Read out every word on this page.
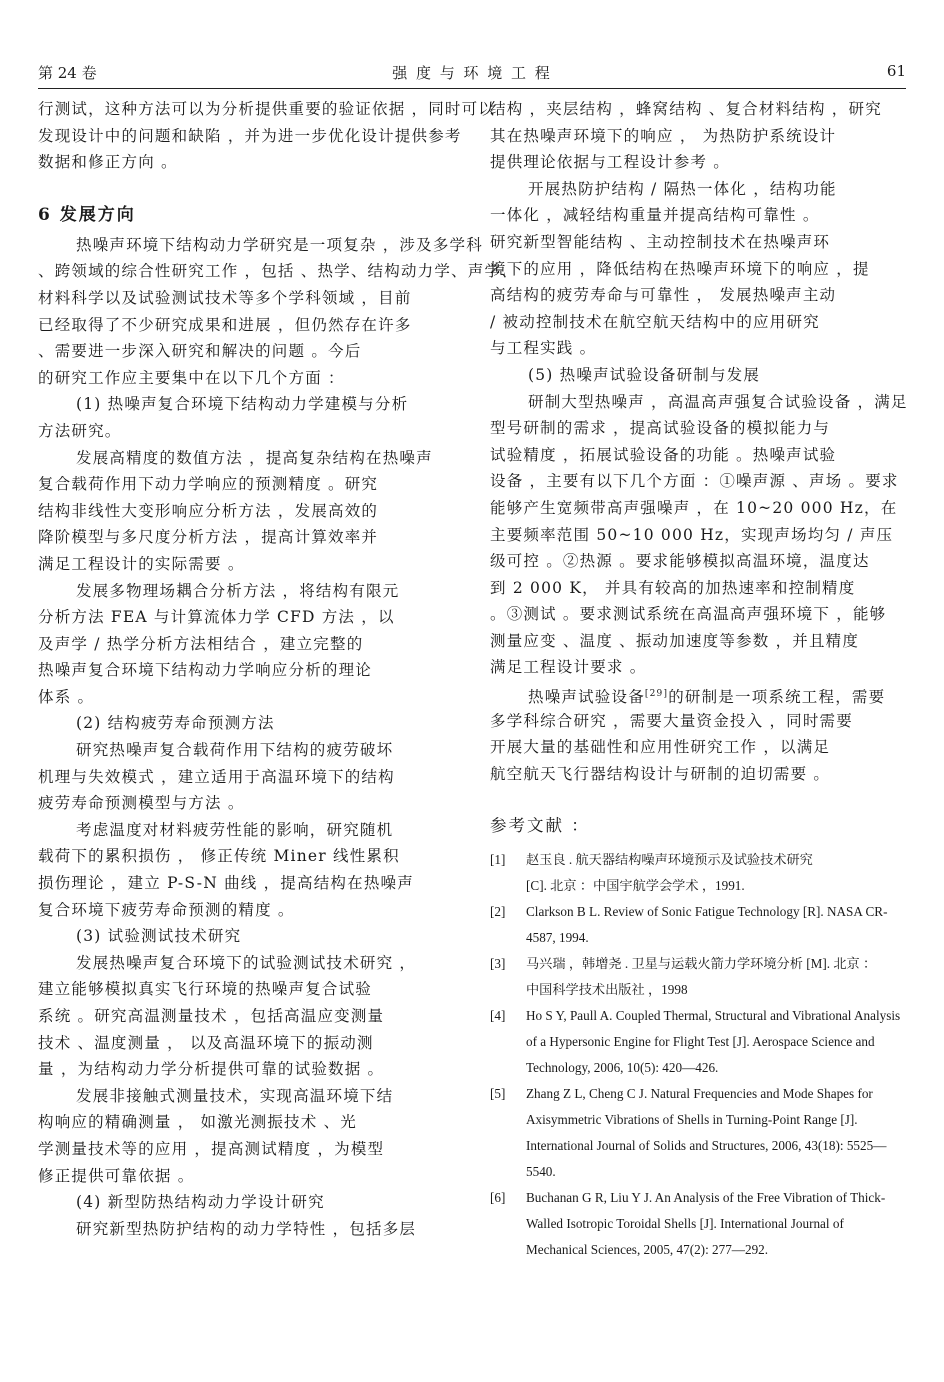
第 24 卷	强 度 与 环 境 工 程	61
行测试，这种方法可以为分析提供重要的验证依据 ，同时可以
发现设计中的问题和缺陷 ，并为进一步优化设计提供参考
数据和修正方向 。
6 发展方向
热噪声环境下结构动力学研究是一项复杂 ，涉及多学科
、跨领域的综合性研究工作 ，包括 、热学、结构动力学、声学、
材料科学以及试验测试技术等多个学科领域 ，目前
已经取得了不少研究成果和进展 ，但仍然存在许多
、需要进一步深入研究和解决的问题 。今后
的研究工作应主要集中在以下几个方面 ：
(1) 热噪声复合环境下结构动力学建模与分析
方法研究。
发展高精度的数值方法 ，提高复杂结构在热噪声
复合载荷作用下动力学响应的预测精度 。研究
结构非线性大变形响应分析方法 ，发展高效的
降阶模型与多尺度分析方法 ，提高计算效率并
满足工程设计的实际需要 。
发展多物理场耦合分析方法 ，将结构有限元
分析方法 FEA 与计算流体力学 CFD 方法 ，以
及声学 / 热学分析方法相结合 ，建立完整的
热噪声复合环境下结构动力学响应分析的理论
体系 。
(2) 结构疲劳寿命预测方法
研究热噪声复合载荷作用下结构的疲劳破坏
机理与失效模式 ，建立适用于高温环境下的结构
疲劳寿命预测模型与方法 。
考虑温度对材料疲劳性能的影响，研究随机
载荷下的累积损伤 ， 修正传统 Miner 线性累积
损伤理论 ，建立 P-S-N 曲线 ，提高结构在热噪声
复合环境下疲劳寿命预测的精度 。
(3) 试验测试技术研究
发展热噪声复合环境下的试验测试技术研究 ，
建立能够模拟真实飞行环境的热噪声复合试验
系统 。研究高温测量技术 ，包括高温应变测量
技术 、温度测量 ， 以及高温环境下的振动测
量 ，为结构动力学分析提供可靠的试验数据 。
发展非接触式测量技术，实现高温环境下结
构响应的精确测量 ， 如激光测振技术 、光
学测量技术等的应用 ，提高测试精度 ，为模型
修正提供可靠依据 。
(4) 新型防热结构动力学设计研究
研究新型热防护结构的动力学特性 ，包括多层
结构 ，夹层结构 ，蜂窝结构 、复合材料结构 ，研究
其在热噪声环境下的响应 ， 为热防护系统设计
提供理论依据与工程设计参考 。
开展热防护结构 / 隔热一体化 ，结构功能
一体化 ，减轻结构重量并提高结构可靠性 。
研究新型智能结构 、主动控制技术在热噪声环
境下的应用 ，降低结构在热噪声环境下的响应 ，提
高结构的疲劳寿命与可靠性 ， 发展热噪声主动
/ 被动控制技术在航空航天结构中的应用研究
与工程实践 。
(5) 热噪声试验设备研制与发展
研制大型热噪声 ，高温高声强复合试验设备 ，满足
型号研制的需求 ，提高试验设备的模拟能力与
试验精度 ，拓展试验设备的功能 。热噪声试验
设备 ，主要有以下几个方面 ：①噪声源 、声场 。要求
能够产生宽频带高声强噪声 ，在 10~20 000 Hz，在
主要频率范围 50~10 000 Hz，实现声场均匀 / 声压
级可控 。②热源 。要求能够模拟高温环境，温度达
到 2 000 K， 并具有较高的加热速率和控制精度
。③测试 。要求测试系统在高温高声强环境下 ，能够
测量应变 、温度 、振动加速度等参数 ，并且精度
满足工程设计要求 。
热噪声试验设备[29]的研制是一项系统工程，需要
多学科综合研究 ，需要大量资金投入 ，同时需要
开展大量的基础性和应用性研究工作 ，以满足
航空航天飞行器结构设计与研制的迫切需要 。
参考文献 ：
[1]	赵玉良 . 航天器结构噪声环境预示及试验技术研究
[C]. 北京 ：中国宇航学会学术 ，1991.
[2]	Clarkson B L. Review of Sonic Fatigue Technology [R]. NASA CR-4587, 1994.
[3]	马兴瑞 ，韩增尧 . 卫星与运载火箭力学环境分析 [M]. 北京 ：
中国科学技术出版社 ，1998
[4]	Ho S Y, Paull A. Coupled Thermal, Structural and Vibrational Analysis of a Hypersonic Engine for Flight Test [J]. Aerospace Science and Technology, 2006, 10(5): 420—426.
[5]	Zhang Z L, Cheng C J. Natural Frequencies and Mode Shapes for Axisymmetric Vibrations of Shells in Turning-Point Range [J]. International Journal of Solids and Structures, 2006, 43(18): 5525—5540.
[6]	Buchanan G R, Liu Y J. An Analysis of the Free Vibration of Thick-Walled Isotropic Toroidal Shells [J]. International Journal of Mechanical Sciences, 2005, 47(2): 277—292.
